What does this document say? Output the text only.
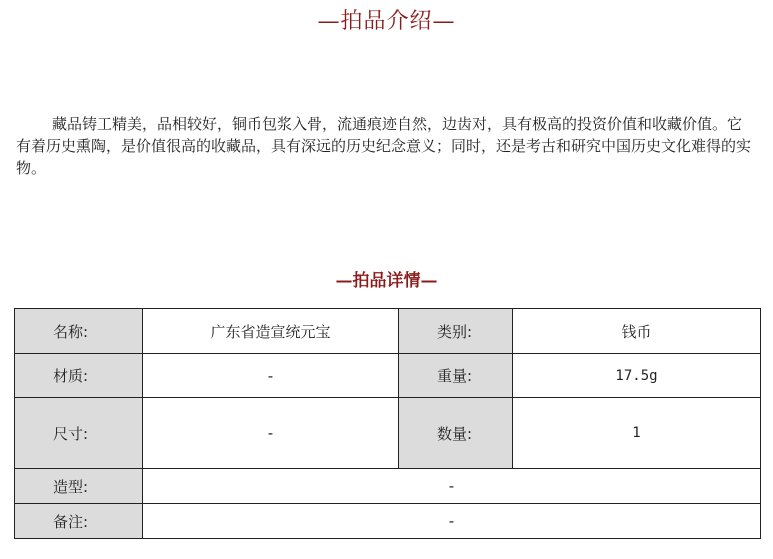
—拍品介绍—
藏品铸工精美，品相较好，铜币包浆入骨，流通痕迹自然，边齿对，具有极高的投资价值和收藏价值。它有着历史熏陶，是价值很高的收藏品，具有深远的历史纪念意义；同时，还是考古和研究中国历史文化难得的实物。
—拍品详情—
名称:	广东省造宣统元宝	类别:	钱币
材质:	-	重量:	17.5g
尺寸:	-	数量:	1
造型:	-		
备注:	-		
